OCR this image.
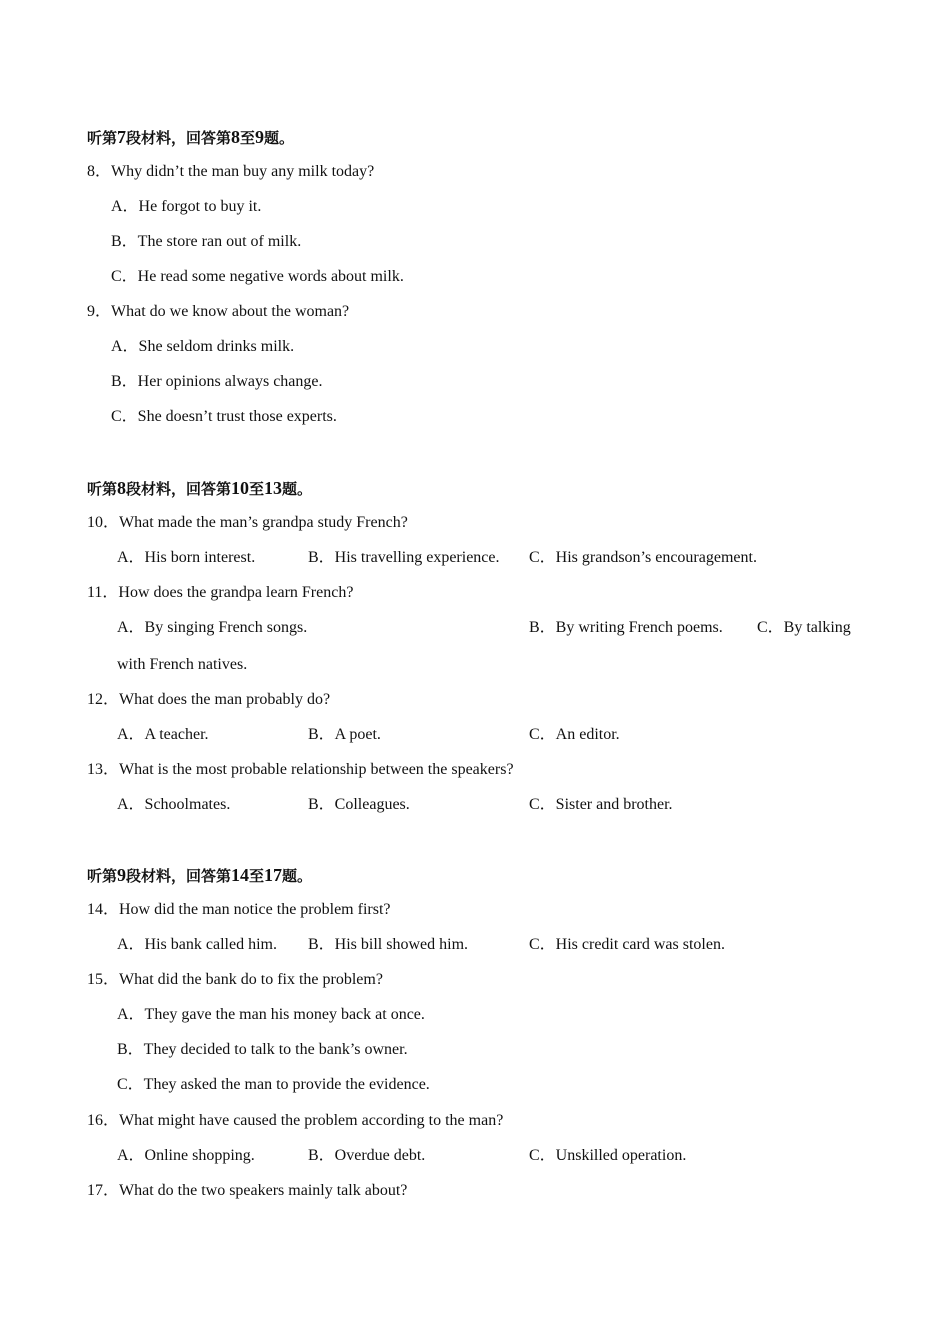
听第7段材料，回答第8至9题。
8．Why didn’t the man buy any milk today?
A．He forgot to buy it.
B．The store ran out of milk.
C．He read some negative words about milk.
9．What do we know about the woman?
A．She seldom drinks milk.
B．Her opinions always change.
C．She doesn’t trust those experts.
听第8段材料，回答第10至13题。
10．What made the man’s grandpa study French?
A．His born interest.	B．His travelling experience. C．His grandson’s encouragement.
11．How does the grandpa learn French?
A．By singing French songs.	B．By writing French poems. C．By talking
with French natives.
12．What does the man probably do?
A．A teacher.	B．A poet.	C．An editor.
13．What is the most probable relationship between the speakers?
A．Schoolmates.	B．Colleagues.	C．Sister and brother.
听第9段材料，回答第14至17题。
14．How did the man notice the problem first?
A．His bank called him. B．His bill showed him.	C．His credit card was stolen.
15．What did the bank do to fix the problem?
A．They gave the man his money back at once.
B．They decided to talk to the bank’s owner.
C．They asked the man to provide the evidence.
16．What might have caused the problem according to the man?
A．Online shopping.	B．Overdue debt.	C．Unskilled operation.
17．What do the two speakers mainly talk about?
